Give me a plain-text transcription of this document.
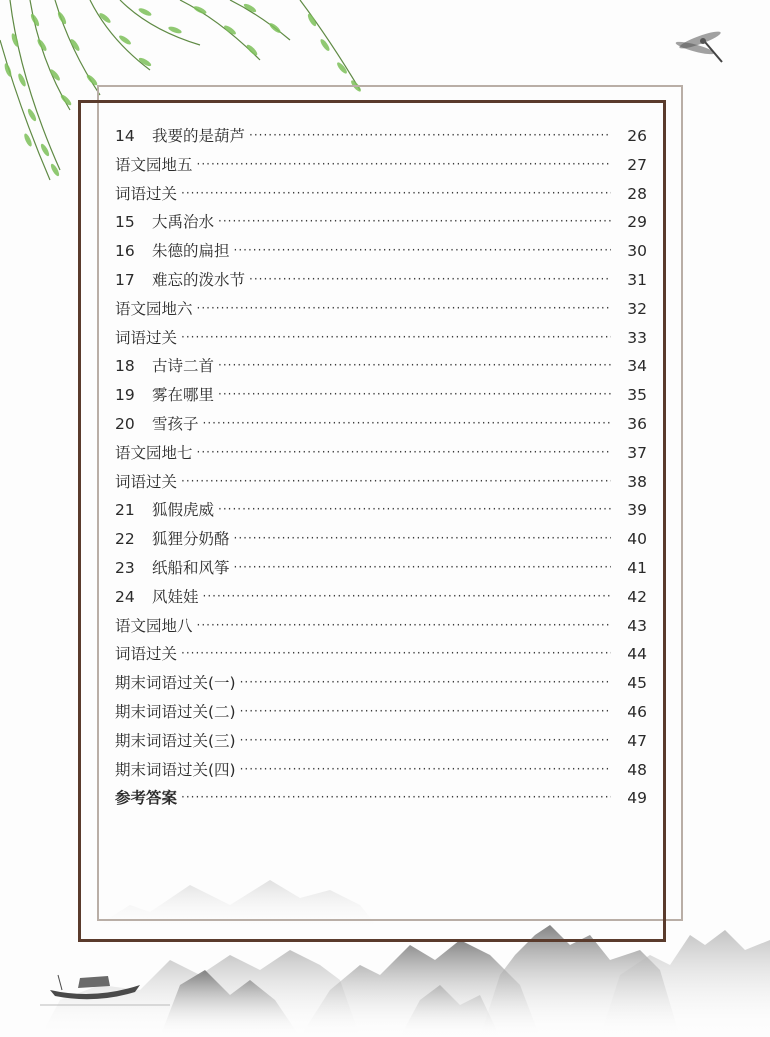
14	我要的是葫芦 ·····	26
语文园地五 ·····	27
词语过关 ·····	28
15	大禹治水 ·····	29
16	朱德的扁担 ·····	30
17	难忘的泼水节 ·····	31
语文园地六 ·····	32
词语过关 ·····	33
18	古诗二首 ·····	34
19	雾在哪里 ·····	35
20	雪孩子 ·····	36
语文园地七 ·····	37
词语过关 ·····	38
21	狐假虎威 ·····	39
22	狐狸分奶酪 ·····	40
23	纸船和风筝 ·····	41
24	风娃娃 ·····	42
语文园地八 ·····	43
词语过关 ·····	44
期末词语过关(一) ·····	45
期末词语过关(二) ·····	46
期末词语过关(三) ·····	47
期末词语过关(四) ·····	48
参考答案 ·····	49
